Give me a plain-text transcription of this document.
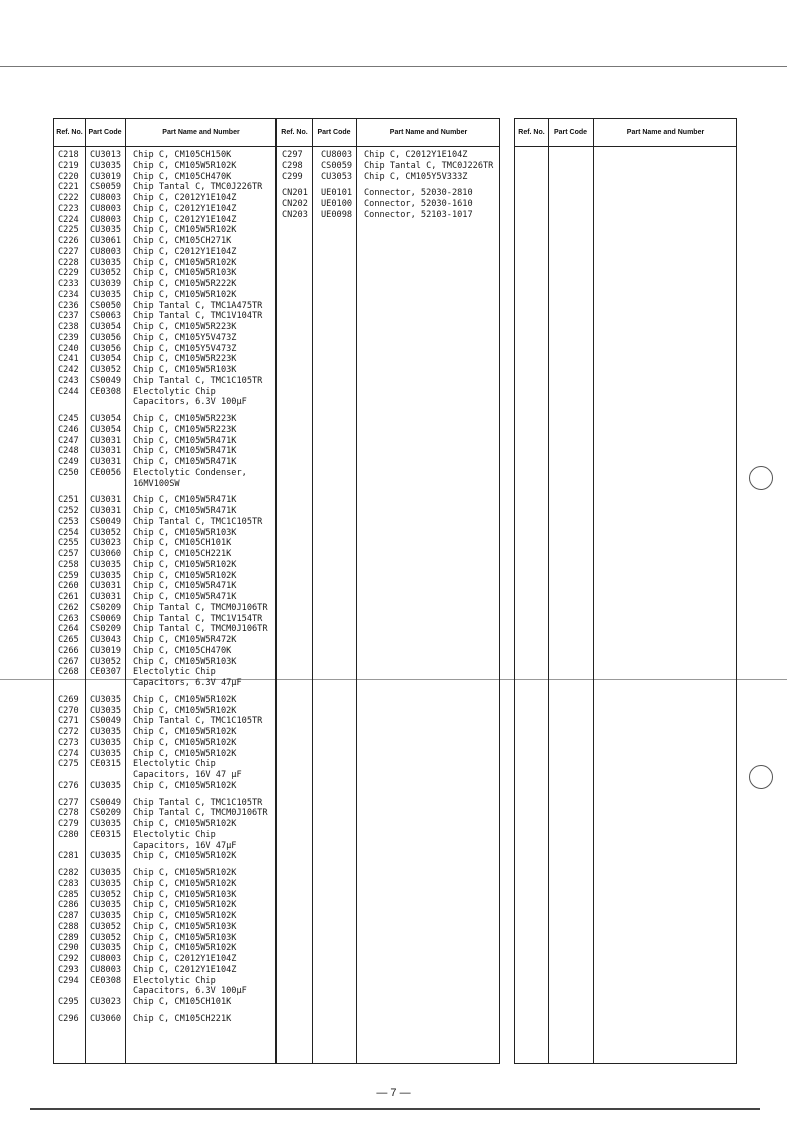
Ref. No. Part Code	Part Name and Number
C218 CU3013 Chip C, CM105CH150K
C219 CU3035 Chip C, CM105W5R102K
C220 CU3019 Chip C, CM105CH470K
C221 CS0059 Chip Tantal C, TMC0J226TR
C222 CU8003 Chip C, C2012Y1E104Z
C223 CU8003 Chip C, C2012Y1E104Z
C224 CU8003 Chip C, C2012Y1E104Z
C225 CU3035 Chip C, CM105W5R102K
C226 CU3061 Chip C, CM105CH271K
C227 CU8003 Chip C, C2012Y1E104Z
C228 CU3035 Chip C, CM105W5R102K
C229 CU3052 Chip C, CM105W5R103K
C233 CU3039 Chip C, CM105W5R222K
C234 CU3035 Chip C, CM105W5R102K
C236 CS0050 Chip Tantal C, TMC1A475TR
C237 CS0063 Chip Tantal C, TMC1V104TR
C238 CU3054 Chip C, CM105W5R223K
C239 CU3056 Chip C, CM105Y5V473Z
C240 CU3056 Chip C, CM105Y5V473Z
C241 CU3054 Chip C, CM105W5R223K
C242 CU3052 Chip C, CM105W5R103K
C243 CS0049 Chip Tantal C, TMC1C105TR
C244 CE0308 Electolytic Chip
Capacitors, 6.3V 100µF
C245 CU3054 Chip C, CM105W5R223K
C246 CU3054 Chip C, CM105W5R223K
C247 CU3031 Chip C, CM105W5R471K
C248 CU3031 Chip C, CM105W5R471K
C249 CU3031 Chip C, CM105W5R471K
C250 CE0056 Electolytic Condenser,
16MV100SW
C251 CU3031 Chip C, CM105W5R471K
C252 CU3031 Chip C, CM105W5R471K
C253 CS0049 Chip Tantal C, TMC1C105TR
C254 CU3052 Chip C, CM105W5R103K
C255 CU3023 Chip C, CM105CH101K
C257 CU3060 Chip C, CM105CH221K
C258 CU3035 Chip C, CM105W5R102K
C259 CU3035 Chip C, CM105W5R102K
C260 CU3031 Chip C, CM105W5R471K
C261 CU3031 Chip C, CM105W5R471K
C262 CS0209 Chip Tantal C, TMCM0J106TR
C263 CS0069 Chip Tantal C, TMC1V154TR
C264 CS0209 Chip Tantal C, TMCM0J106TR
C265 CU3043 Chip C, CM105W5R472K
C266 CU3019 Chip C, CM105CH470K
C267 CU3052 Chip C, CM105W5R103K
C268 CE0307 Electolytic Chip
Capacitors, 6.3V 47µF
C269 CU3035 Chip C, CM105W5R102K
C270 CU3035 Chip C, CM105W5R102K
C271 CS0049 Chip Tantal C, TMC1C105TR
C272 CU3035 Chip C, CM105W5R102K
C273 CU3035 Chip C, CM105W5R102K
C274 CU3035 Chip C, CM105W5R102K
C275 CE0315 Electolytic Chip
Capacitors, 16V 47 µF
C276 CU3035 Chip C, CM105W5R102K
C277 CS0049 Chip Tantal C, TMC1C105TR
C278 CS0209 Chip Tantal C, TMCM0J106TR
C279 CU3035 Chip C, CM105W5R102K
C280 CE0315 Electolytic Chip
Capacitors, 16V 47µF
C281 CU3035 Chip C, CM105W5R102K
C282 CU3035 Chip C, CM105W5R102K
C283 CU3035 Chip C, CM105W5R102K
C285 CU3052 Chip C, CM105W5R103K
C286 CU3035 Chip C, CM105W5R102K
C287 CU3035 Chip C, CM105W5R102K
C288 CU3052 Chip C, CM105W5R103K
C289 CU3052 Chip C, CM105W5R103K
C290 CU3035 Chip C, CM105W5R102K
C292 CU8003 Chip C, C2012Y1E104Z
C293 CU8003 Chip C, C2012Y1E104Z
C294 CE0308 Electolytic Chip
Capacitors, 6.3V 100µF
C295 CU3023 Chip C, CM105CH101K
C296 CU3060 Chip C, CM105CH221K
Ref. No.	Part Code	Part Name and Number
C297 CU8003 Chip C, C2012Y1E104Z
C298 CS0059 Chip Tantal C, TMC0J226TR
C299 CU3053 Chip C, CM105Y5V333Z
CN201 UE0101 Connector, 52030-2810
CN202 UE0100 Connector, 52030-1610
CN203 UE0098 Connector, 52103-1017
Ref. No.	Part Code	Part Name and Number
— 7 —
